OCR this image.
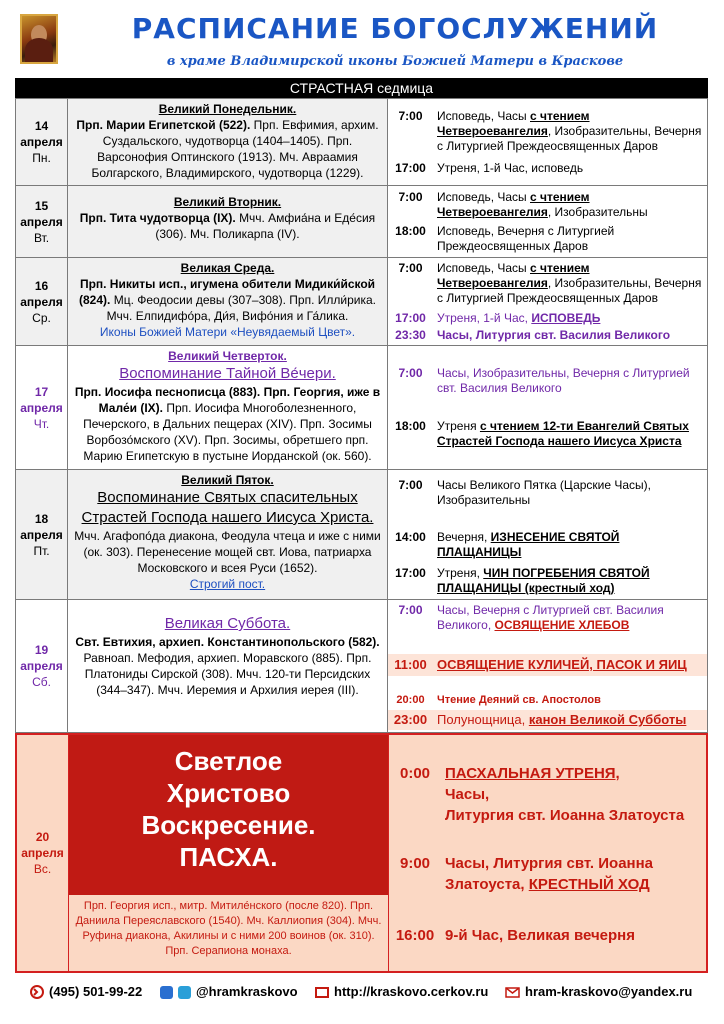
РАСПИСАНИЕ БОГОСЛУЖЕНИЙ
в храме Владимирской иконы Божией Матери в Краскове
СТРАСТНАЯ седмица
14
апреля
Пн.
Великий Понедельник.
Прп. Марии Египетской (522). Прп. Евфимия, архим. Суздальского, чудотворца (1404–1405). Прп. Варсонофия Оптинского (1913). Мч. Авраамия Болгарского, Владимирского, чудотворца (1229).
7:00	Исповедь, Часы с чтением Четвероевангелия, Изобразительны, Вечерня с Литургией Преждеосвященных Даров
17:00 Утреня, 1-й Час, исповедь
15
апреля
Вт.
Великий Вторник.
Прп. Тита чудотворца (IX). Мчч. Амфиа́на и Еде́сия (306). Мч. Поликарпа (IV).
7:00	Исповедь, Часы с чтением Четвероевангелия, Изобразительны
18:00 Исповедь, Вечерня с Литургией Преждеосвященных Даров
16
апреля
Ср.
Великая Среда.
Прп. Никиты исп., игумена обители Мидики́йской (824). Мц. Феодосии девы (307–308). Прп. Илли́рика. Мчч. Елпидифо́ра, Ди́я, Вифо́ния и Га́лика.
Иконы Божией Матери «Неувядаемый Цвет».
7:00	Исповедь, Часы с чтением Четвероевангелия, Изобразительны, Вечерня с Литургией Преждеосвященных Даров
17:00 Утреня, 1-й Час, ИСПОВЕДЬ
23:30 Часы, Литургия свт. Василия Великого
17
апреля
Чт.
Великий Четверток.
Воспоминание Тайной Ве́чери.
Прп. Иосифа песнописца (883). Прп. Георгия, иже в Мале́и (IX). Прп. Иосифа Многоболезненного, Печерского, в Дальних пещерах (XIV). Прп. Зосимы Ворбозо́мского (XV). Прп. Зосимы, обретшего прп. Марию Египетскую в пустыне Иорданской (ок. 560).
7:00	Часы, Изобразительны, Вечерня с Литургией свт. Василия Великого
18:00 Утреня с чтением 12-ти Евангелий Святых Страстей Господа нашего Иисуса Христа
18
апреля
Пт.
Великий Пяток.
Воспоминание Святых спасительных Страстей Господа нашего Иисуса Христа.
Мчч. Агафопо́да диакона, Феодула чтеца и иже с ними (ок. 303). Перенесение мощей свт. Иова, патриарха Московского и всея Руси (1652).
Строгий пост.
7:00	Часы Великого Пятка (Царские Часы), Изобразительны
14:00 Вечерня, ИЗНЕСЕНИЕ СВЯТОЙ ПЛАЩАНИЦЫ
17:00 Утреня, ЧИН ПОГРЕБЕНИЯ СВЯТОЙ ПЛАЩАНИЦЫ (крестный ход)
19
апреля
Сб.
Великая Суббота.
Свт. Евтихия, архиеп. Константинопольского (582). Равноап. Мефодия, архиеп. Моравского (885). Прп. Платониды Сирской (308). Мчч. 120-ти Персидских (344–347). Мчч. Иеремия и Архилия иерея (III).
7:00	Часы, Вечерня с Литургией свт. Василия Великого, ОСВЯЩЕНИЕ ХЛЕБОВ
11:00 ОСВЯЩЕНИЕ КУЛИЧЕЙ, ПАСОК И ЯИЦ
20:00	Чтение Деяний св. Апостолов
23:00 Полунощница, канон Великой Субботы
20
апреля
Вс.
Светлое
Христово
Воскресение.
ПАСХА.
Прп. Георгия исп., митр. Митиле́нского (после 820). Прп. Даниила Переяславского (1540). Мч. Каллиопия (304). Мчч. Руфина диакона, Акилины и с ними 200 воинов (ок. 310). Прп. Серапиона монаха.
0:00 ПАСХАЛЬНАЯ УТРЕНЯ,
Часы,
Литургия свт. Иоанна Златоуста
9:00 Часы, Литургия свт. Иоанна
Златоуста, КРЕСТНЫЙ ХОД
16:00 9-й Час, Великая вечерня
(495) 501-99-22	@hramkraskovo	http://kraskovo.cerkov.ru	hram-kraskovo@yandex.ru
